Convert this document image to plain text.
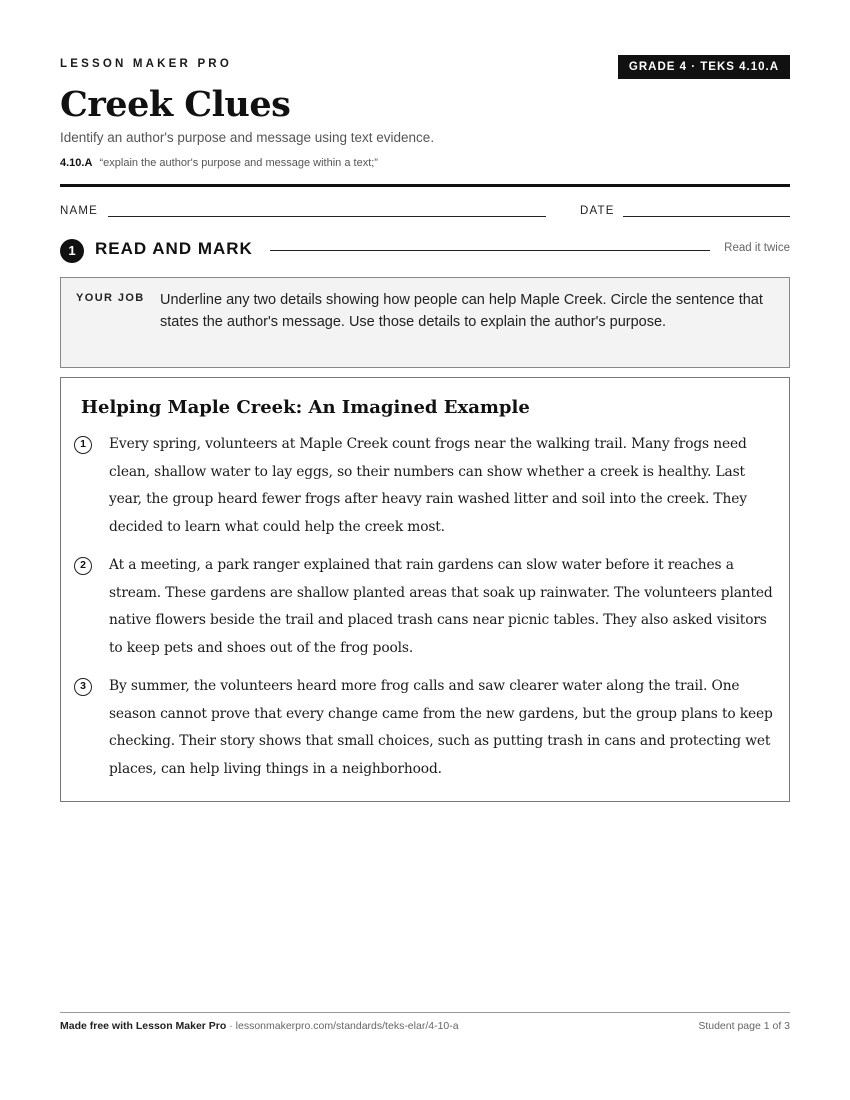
LESSON MAKER PRO	GRADE 4 · TEKS 4.10.A
Creek Clues
Identify an author's purpose and message using text evidence.
4.10.A “explain the author's purpose and message within a text;”
NAME	DATE
1	READ AND MARK	Read it twice
YOUR JOB Underline any two details showing how people can help Maple Creek. Circle the sentence that states the author's message. Use those details to explain the author's purpose.
Helping Maple Creek: An Imagined Example
1	Every spring, volunteers at Maple Creek count frogs near the walking trail. Many frogs need clean, shallow water to lay eggs, so their numbers can show whether a creek is healthy. Last year, the group heard fewer frogs after heavy rain washed litter and soil into the creek. They decided to learn what could help the creek most.

2	At a meeting, a park ranger explained that rain gardens can slow water before it reaches a stream. These gardens are shallow planted areas that soak up rainwater. The volunteers planted native flowers beside the trail and placed trash cans near picnic tables. They also asked visitors to keep pets and shoes out of the frog pools.

3	By summer, the volunteers heard more frog calls and saw clearer water along the trail. One season cannot prove that every change came from the new gardens, but the group plans to keep checking. Their story shows that small choices, such as putting trash in cans and protecting wet places, can help living things in a neighborhood.

Made free with Lesson Maker Pro · lessonmakerpro.com/standards/teks-elar/4-10-a	Student page 1 of 3
